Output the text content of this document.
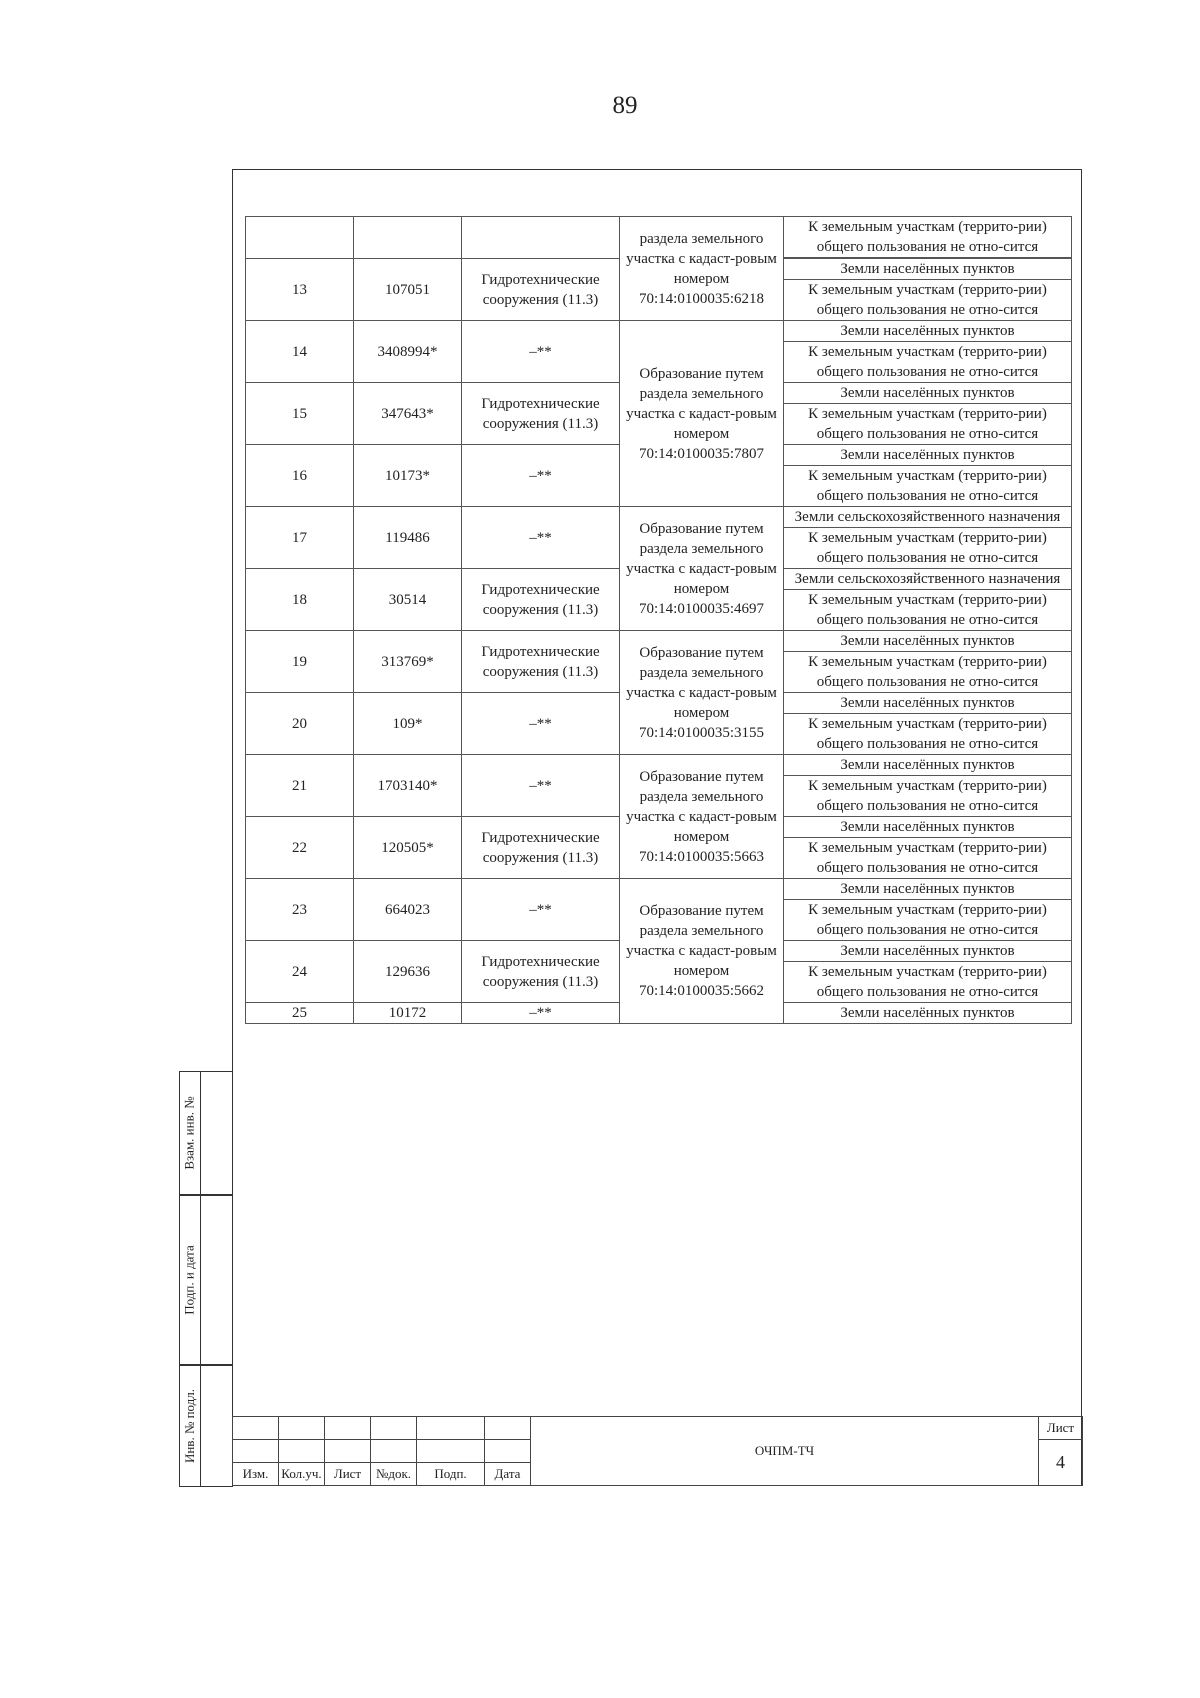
89
			раздела земельного участка с кадаст-ровым номером 70:14:0100035:6218	К земельным участкам (террито-рии) общего пользования не отно-сится

13	107051	Гидротехнические сооружения (11.3)		Земли населённых пунктов
				К земельным участкам (террито-рии) общего пользования не отно-сится

14	3408994*	–**	Образование путем раздела земельного участка с кадаст-ровым номером 70:14:0100035:7807	Земли населённых пунктов
				К земельным участкам (террито-рии) общего пользования не отно-сится

15	347643*	Гидротехнические сооружения (11.3)		Земли населённых пунктов
				К земельным участкам (террито-рии) общего пользования не отно-сится

16	10173*	–**		Земли населённых пунктов
				К земельным участкам (террито-рии) общего пользования не отно-сится

17	119486	–**	Образование путем раздела земельного участка с кадаст-ровым номером 70:14:0100035:4697	Земли сельскохозяйственного назначения

				К земельным участкам (террито-рии) общего пользования не отно-сится

18	30514	Гидротехнические сооружения (11.3)		Земли сельскохозяйственного назначения

				К земельным участкам (террито-рии) общего пользования не отно-сится

19	313769*	Гидротехнические сооружения (11.3)	Образование путем раздела земельного участка с кадаст-ровым номером 70:14:0100035:3155	Земли населённых пунктов
				К земельным участкам (террито-рии) общего пользования не отно-сится

20	109*	–**		Земли населённых пунктов
				К земельным участкам (террито-рии) общего пользования не отно-сится

21	1703140*	–**	Образование путем раздела земельного участка с кадаст-ровым номером 70:14:0100035:5663	Земли населённых пунктов
				К земельным участкам (террито-рии) общего пользования не отно-сится

22	120505*	Гидротехнические сооружения (11.3)		Земли населённых пунктов
				К земельным участкам (террито-рии) общего пользования не отно-сится

23	664023	–**	Образование путем раздела земельного участка с кадаст-ровым номером 70:14:0100035:5662	Земли населённых пунктов
				К земельным участкам (террито-рии) общего пользования не отно-сится

24	129636	Гидротехнические сооружения (11.3)		Земли населённых пунктов
				К земельным участкам (террито-рии) общего пользования не отно-сится

25	10172	–**		Земли населённых пунктов
Взам. инв. №
Подп. и дата
Инв. № подл.
							ОЧПМ-ТЧ	Лист
							4
Изм.	Кол.уч.	Лист	№док.	Подп.	Дата		
